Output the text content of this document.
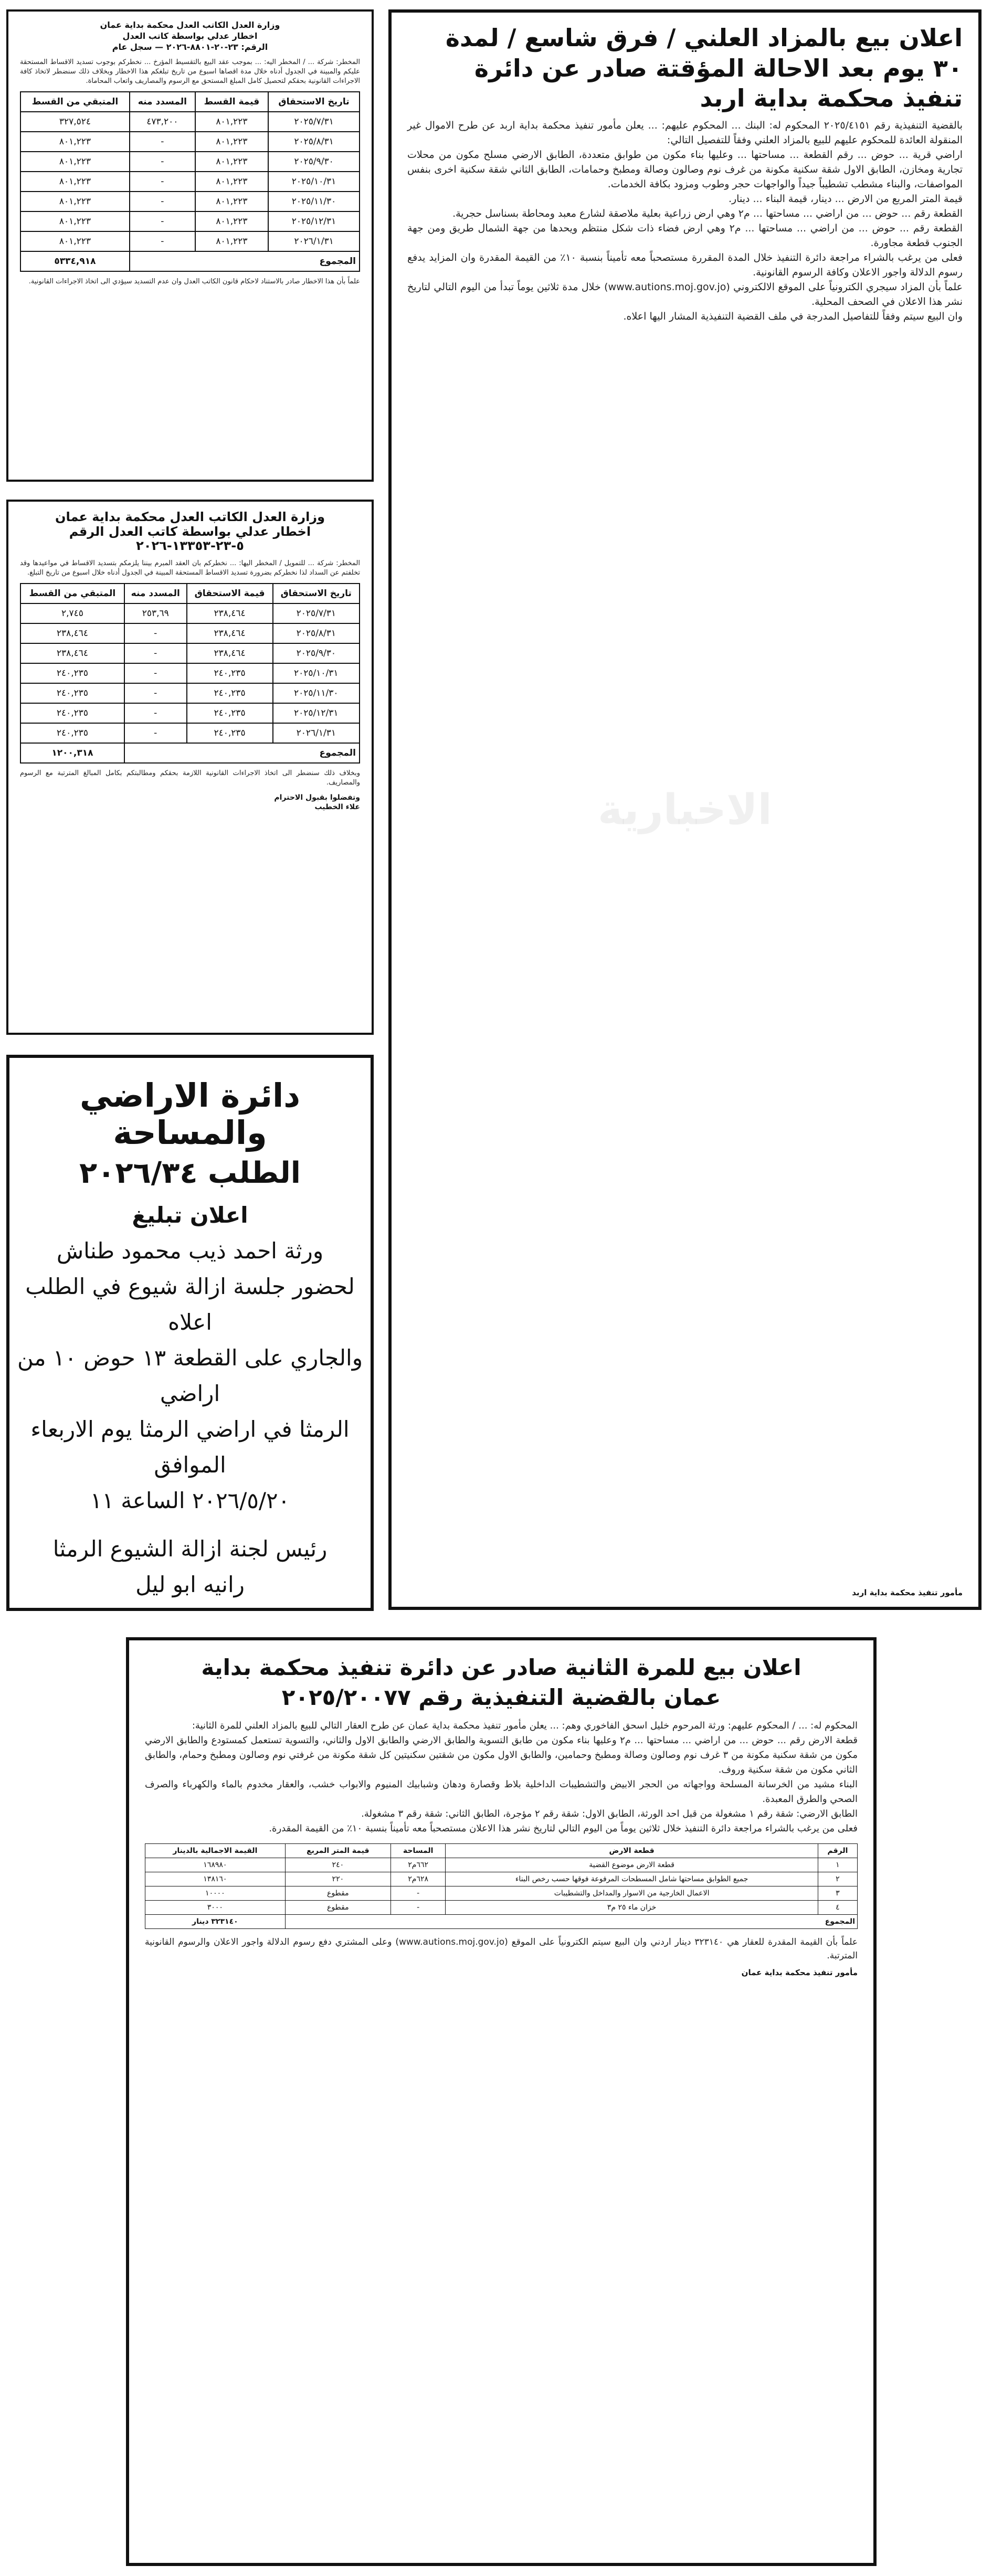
اعلان بيع بالمزاد العلني / فرق شاسع / لمدة
٣٠ يوم بعد الاحالة المؤقتة صادر عن دائرة
تنفيذ محكمة بداية اربد
بالقضية التنفيذية رقم ٢٠٢٥/٤١٥١ المحكوم له: البنك ... المحكوم عليهم: ... يعلن مأمور تنفيذ محكمة بداية اربد عن طرح الاموال غير المنقولة العائدة للمحكوم عليهم للبيع بالمزاد العلني وفقاً للتفصيل التالي:
اراضي قرية ... حوض ... رقم القطعة ... مساحتها ... وعليها بناء مكون من طوابق متعددة، الطابق الارضي مسلح مكون من محلات تجارية ومخازن، الطابق الاول شقة سكنية مكونة من غرف نوم وصالون وصالة ومطبخ وحمامات، الطابق الثاني شقة سكنية اخرى بنفس المواصفات، والبناء مشطب تشطيباً جيداً والواجهات حجر وطوب ومزود بكافة الخدمات.
قيمة المتر المربع من الارض ... دينار، قيمة البناء ... دينار.
القطعة رقم ... حوض ... من اراضي ... مساحتها ... م٢ وهي ارض زراعية بعلية ملاصقة لشارع معبد ومحاطة بسناسل حجرية.
القطعة رقم ... حوض ... من اراضي ... مساحتها ... م٢ وهي ارض فضاء ذات شكل منتظم ويحدها من جهة الشمال طريق ومن جهة الجنوب قطعة مجاورة.
فعلى من يرغب بالشراء مراجعة دائرة التنفيذ خلال المدة المقررة مستصحباً معه تأميناً بنسبة ١٠٪ من القيمة المقدرة وان المزايد يدفع رسوم الدلالة واجور الاعلان وكافة الرسوم القانونية.
علماً بأن المزاد سيجري الكترونياً على الموقع الالكتروني (www.autions.moj.gov.jo) خلال مدة ثلاثين يوماً تبدأ من اليوم التالي لتاريخ نشر هذا الاعلان في الصحف المحلية.
وان البيع سيتم وفقاً للتفاصيل المدرجة في ملف القضية التنفيذية المشار اليها اعلاه.
مأمور تنفيذ محكمة بداية اربد
الاخبارية
وزارة العدل الكاتب العدل محكمة بداية عمان
اخطار عدلي بواسطة كاتب العدل
الرقم: ٢٣-٢٠-٨٨٠١-٢٠٢٦ — سجل عام
المخطر: شركة ... / المخطر اليه: ... بموجب عقد البيع بالتقسيط المؤرخ ... نخطركم بوجوب تسديد الاقساط المستحقة عليكم والمبينة في الجدول أدناه خلال مدة اقصاها اسبوع من تاريخ تبلغكم هذا الاخطار وبخلاف ذلك سنضطر لاتخاذ كافة الاجراءات القانونية بحقكم لتحصيل كامل المبلغ المستحق مع الرسوم والمصاريف واتعاب المحاماة.
تاريخ الاستحقاق	قيمة القسط	المسدد منه	المتبقي من القسط
٢٠٢٥/٧/٣١	٨٠١,٢٢٣	٤٧٣,٢٠٠	٣٢٧,٥٢٤
٢٠٢٥/٨/٣١	٨٠١,٢٢٣	-	٨٠١,٢٢٣
٢٠٢٥/٩/٣٠	٨٠١,٢٢٣	-	٨٠١,٢٢٣
٢٠٢٥/١٠/٣١	٨٠١,٢٢٣	-	٨٠١,٢٢٣
٢٠٢٥/١١/٣٠	٨٠١,٢٢٣	-	٨٠١,٢٢٣
٢٠٢٥/١٢/٣١	٨٠١,٢٢٣	-	٨٠١,٢٢٣
٢٠٢٦/١/٣١	٨٠١,٢٢٣	-	٨٠١,٢٢٣
المجموع			٥٣٣٤,٩١٨
علماً بأن هذا الاخطار صادر بالاستناد لاحكام قانون الكاتب العدل وان عدم التسديد سيؤدي الى اتخاذ الاجراءات القانونية.
وزارة العدل الكاتب العدل محكمة بداية عمان
اخطار عدلي بواسطة كاتب العدل الرقم ٥-٢٣-١٣٣٥٣-٢٠٢٦
المخطر: شركة ... للتمويل / المخطر اليها: ... نخطركم بان العقد المبرم بيننا يلزمكم بتسديد الاقساط في مواعيدها وقد تخلفتم عن السداد لذا نخطركم بضرورة تسديد الاقساط المستحقة المبينة في الجدول أدناه خلال اسبوع من تاريخ التبلغ.
تاريخ الاستحقاق	قيمة الاستحقاق	المسدد منه	المتبقي من القسط
٢٠٢٥/٧/٣١	٢٣٨,٤٦٤	٢٥٣,٦٩	٢,٧٤٥
٢٠٢٥/٨/٣١	٢٣٨,٤٦٤	-	٢٣٨,٤٦٤
٢٠٢٥/٩/٣٠	٢٣٨,٤٦٤	-	٢٣٨,٤٦٤
٢٠٢٥/١٠/٣١	٢٤٠,٢٣٥	-	٢٤٠,٢٣٥
٢٠٢٥/١١/٣٠	٢٤٠,٢٣٥	-	٢٤٠,٢٣٥
٢٠٢٥/١٢/٣١	٢٤٠,٢٣٥	-	٢٤٠,٢٣٥
٢٠٢٦/١/٣١	٢٤٠,٢٣٥	-	٢٤٠,٢٣٥
المجموع			١٢٠٠,٣١٨
وبخلاف ذلك سنضطر الى اتخاذ الاجراءات القانونية اللازمة بحقكم ومطالبتكم بكامل المبالغ المترتبة مع الرسوم والمصاريف.
وتفضلوا بقبول الاحترام
علاء الخطيب
دائرة الاراضي والمساحة
الطلب ٢٠٢٦/٣٤
اعلان تبليغ
ورثة احمد ذيب محمود طناش
لحضور جلسة ازالة شيوع في الطلب اعلاه
والجاري على القطعة ١٣ حوض ١٠ من اراضي
الرمثا في اراضي الرمثا يوم الاربعاء الموافق
٢٠٢٦/٥/٢٠ الساعة ١١
رئيس لجنة ازالة الشيوع الرمثا
رانيه ابو ليل
اعلان بيع للمرة الثانية صادر عن دائرة تنفيذ محكمة بداية
عمان بالقضية التنفيذية رقم ٢٠٢٥/٢٠٠٧٧
المحكوم له: ... / المحكوم عليهم: ورثة المرحوم خليل اسحق الفاخوري وهم: ... يعلن مأمور تنفيذ محكمة بداية عمان عن طرح العقار التالي للبيع بالمزاد العلني للمرة الثانية:
قطعة الارض رقم ... حوض ... من اراضي ... مساحتها ... م٢ وعليها بناء مكون من طابق التسوية والطابق الارضي والطابق الاول والثاني، والتسوية تستعمل كمستودع والطابق الارضي مكون من شقة سكنية مكونة من ٣ غرف نوم وصالون وصالة ومطبخ وحمامين، والطابق الاول مكون من شقتين سكنيتين كل شقة مكونة من غرفتي نوم وصالون ومطبخ وحمام، والطابق الثاني مكون من شقة سكنية وروف.
البناء مشيد من الخرسانة المسلحة وواجهاته من الحجر الابيض والتشطيبات الداخلية بلاط وقصارة ودهان وشبابيك المنيوم والابواب خشب، والعقار مخدوم بالماء والكهرباء والصرف الصحي والطرق المعبدة.
الطابق الارضي: شقة رقم ١ مشغولة من قبل احد الورثة، الطابق الاول: شقة رقم ٢ مؤجرة، الطابق الثاني: شقة رقم ٣ مشغولة.
فعلى من يرغب بالشراء مراجعة دائرة التنفيذ خلال ثلاثين يوماً من اليوم التالي لتاريخ نشر هذا الاعلان مستصحباً معه تأميناً بنسبة ١٠٪ من القيمة المقدرة.
الرقم	قطعة الارض	المساحة	قيمة المتر المربع	القيمة الاجمالية بالدينار
١	قطعة الارض موضوع القضية	٦٦٢م٢	٢٤٠	١٦٨٩٨٠
٢	جميع الطوابق مساحتها شامل المسطحات المرفوعة فوقها حسب رخص البناء	٦٢٨م٢	٢٢٠	١٣٨١٦٠
٣	الاعمال الخارجية من الاسوار والمداخل والتشطيبات	-	مقطوع	١٠٠٠٠
٤	خزان ماء ٢٥ م٣	-	مقطوع	٣٠٠٠
المجموع				٣٢٣١٤٠ دينار
علماً بأن القيمة المقدرة للعقار هي ٣٢٣١٤٠ دينار اردني وان البيع سيتم الكترونياً على الموقع (www.autions.moj.gov.jo) وعلى المشتري دفع رسوم الدلالة واجور الاعلان والرسوم القانونية المترتبة.
مأمور تنفيذ محكمة بداية عمان
